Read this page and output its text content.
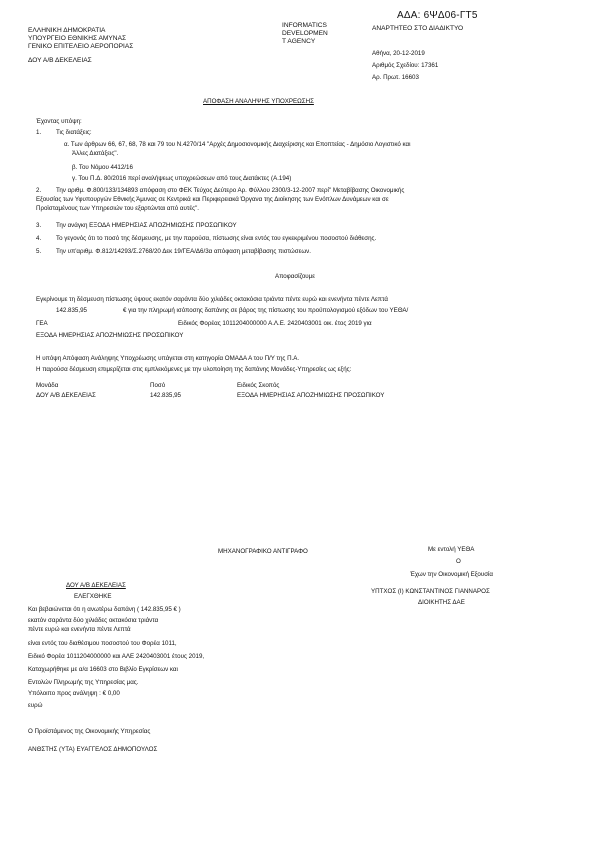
ΑΔΑ: 6ΨΔ06-ΓΤ5
ΕΛΛΗΝΙΚΗ ΔΗΜΟΚΡΑΤΙΑ
ΥΠΟΥΡΓΕΙΟ ΕΘΝΙΚΗΣ ΑΜΥΝΑΣ
ΓΕΝΙΚΟ ΕΠΙΤΕΛΕΙΟ ΑΕΡΟΠΟΡΙΑΣ
ΔΟΥ Α/Β ΔΕΚΕΛΕΙΑΣ
INFORMATICS
DEVELOPMEN
T AGENCY
ΑΝΑΡΤΗΤΕΟ ΣΤΟ ΔΙΑΔΙΚΤΥΟ
Αθήνα, 20-12-2019
Αριθμός Σχεδίου: 17361
Αρ. Πρωτ. 16603
ΑΠΟΦΑΣΗ ΑΝΑΛΗΨΗΣ ΥΠΟΧΡΕΩΣΗΣ
Έχοντας υπόψη:
1. Τις διατάξεις:
α. Των άρθρων 66, 67, 68, 78 και 79 του Ν.4270/14 "Αρχές Δημοσιονομικής Διαχείρισης και Εποπτείας - Δημόσιο Λογιστικό και
Άλλες Διατάξεις".
β. Του Νόμου 4412/16
γ. Του Π.Δ. 80/2016 περί αναλήψεως υποχρεώσεων από τους Διατάκτες (Α.194)
2. Την αριθμ. Φ.800/133/134893 απόφαση στο ΦΕΚ Τεύχος Δεύτερο Αρ. Φύλλου 2300/3-12-2007 περί" Μεταβίβασης Οικονομικής
Εξουσίας των Υφυπουργών Εθνικής Άμυνας σε Κεντρικά και Περιφερειακά Όργανα της Διοίκησης των Ενόπλων Δυνάμεων και σε
Προϊσταμένους των Υπηρεσιών του εξαρτώνται από αυτές".
3. Την ανάγκη ΕΞΟΔΑ ΗΜΕΡΗΣΙΑΣ ΑΠΟΖΗΜΙΩΣΗΣ ΠΡΟΣΩΠΙΚΟΥ
4. Το γεγονός ότι το ποσό της δέσμευσης, με την παρούσα, πίστωσης είναι εντός του εγκεκριμένου ποσοστού διάθεσης.
5. Την υπ'αριθμ. Φ.812/14293/Σ.2768/20 Δεκ 19/ΓΕΑ/Δ6/3α απόφαση μεταβίβασης πιστώσεων.
Αποφασίζουμε
Εγκρίνουμε τη δέσμευση πίστωσης ύψους εκατόν σαράντα δύο χιλιάδες οκτακόσια τριάντα πέντε ευρώ και ενενήντα πέντε Λεπτά
142.835,95	€ για την πληρωμή ισόποσης δαπάνης σε βάρος της πίστωσης του προϋπολογισμού εξόδων του ΥΕΘΑ/
ΓΕΑ	Ειδικός Φορέας 1011204000000 Α.Λ.Ε. 2420403001 οικ. έτος 2019 για
ΕΞΟΔΑ ΗΜΕΡΗΣΙΑΣ ΑΠΟΖΗΜΙΩΣΗΣ ΠΡΟΣΩΠΙΚΟΥ
Η υπόψη Απόφαση Ανάληψης Υποχρέωσης υπάγεται στη κατηγορία ΟΜΑΔΑ Α του Π/Υ της Π.Α.
Η παρούσα δέσμευση επιμερίζεται στις εμπλεκόμενες με την υλοποίηση της δαπάνης Μονάδες-Υπηρεσίες ως εξής:
Μονάδα	Ποσό	Ειδικός Σκοπός
ΔΟΥ Α/Β ΔΕΚΕΛΕΙΑΣ	142.835,95	ΕΞΟΔΑ ΗΜΕΡΗΣΙΑΣ ΑΠΟΖΗΜΙΩΣΗΣ ΠΡΟΣΩΠΙΚΟΥ
ΜΗΧΑΝΟΓΡΑΦΙΚΟ ΑΝΤΙΓΡΑΦΟ	Με εντολή ΥΕΘΑ
Ο
Έχων την Οικονομική Εξουσία
ΥΠΤΧΟΣ (Ι) ΚΩΝΣΤΑΝΤΙΝΟΣ ΓΙΑΝΝΑΡΟΣ
ΔΙΟΙΚΗΤΗΣ ΔΑΕ
ΔΟΥ Α/Β ΔΕΚΕΛΕΙΑΣ
ΕΛΕΓΧΘΗΚΕ
Και βεβαιώνεται ότι η ανωτέρω δαπάνη ( 142.835,95 € )
εκατόν σαράντα δύο χιλιάδες οκτακόσια τριάντα
πέντε ευρώ και ενενήντα πέντε Λεπτά
είναι εντός του διαθέσιμου ποσοστού του Φορέα 1011,
Ειδικό Φορέα 1011204000000 και ΑΛΕ 2420403001 έτους 2019,
Καταχωρήθηκε με α/α 16603 στο Βιβλίο Εγκρίσεων και
Εντολών Πληρωμής της Υπηρεσίας μας.
Υπόλοιπο προς ανάληψη : € 0,00
ευρώ
Ο Προϊστάμενος της Οικονομικής Υπηρεσίας
ΑΝΘΣΤΗΣ (ΥΤΑ) ΕΥΑΓΓΕΛΟΣ ΔΗΜΟΠΟΥΛΟΣ
